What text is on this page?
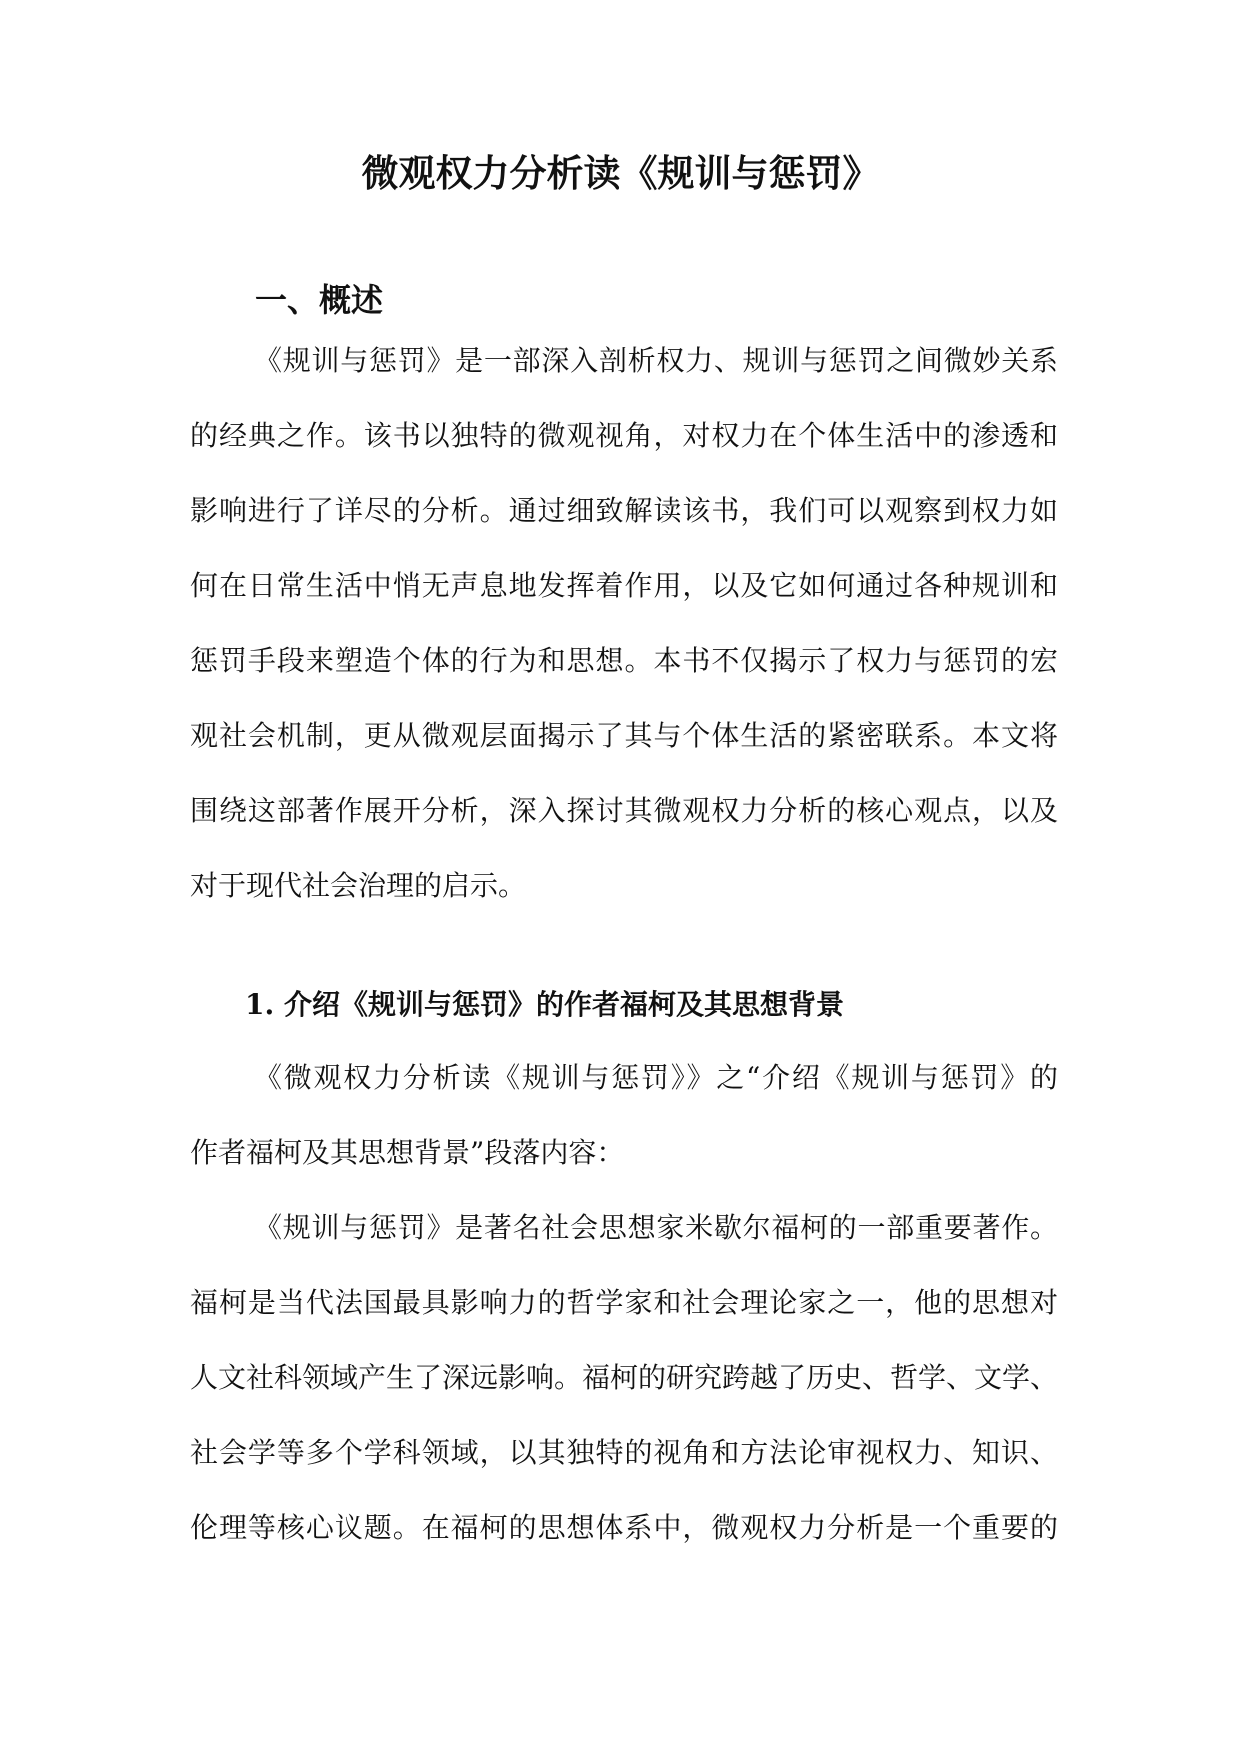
微观权力分析读《规训与惩罚》
一、概述
《规训与惩罚》是一部深入剖析权力、规训与惩罚之间微妙关系
的经典之作。该书以独特的微观视角，对权力在个体生活中的渗透和
影响进行了详尽的分析。通过细致解读该书，我们可以观察到权力如
何在日常生活中悄无声息地发挥着作用，以及它如何通过各种规训和
惩罚手段来塑造个体的行为和思想。本书不仅揭示了权力与惩罚的宏
观社会机制，更从微观层面揭示了其与个体生活的紧密联系。本文将
围绕这部著作展开分析，深入探讨其微观权力分析的核心观点，以及
对于现代社会治理的启示。
1. 介绍《规训与惩罚》的作者福柯及其思想背景
《微观权力分析读《规训与惩罚》》之“介绍《规训与惩罚》的
作者福柯及其思想背景”段落内容：
《规训与惩罚》是著名社会思想家米歇尔福柯的一部重要著作。
福柯是当代法国最具影响力的哲学家和社会理论家之一，他的思想对
人文社科领域产生了深远影响。福柯的研究跨越了历史、哲学、文学、
社会学等多个学科领域，以其独特的视角和方法论审视权力、知识、
伦理等核心议题。在福柯的思想体系中，微观权力分析是一个重要的
